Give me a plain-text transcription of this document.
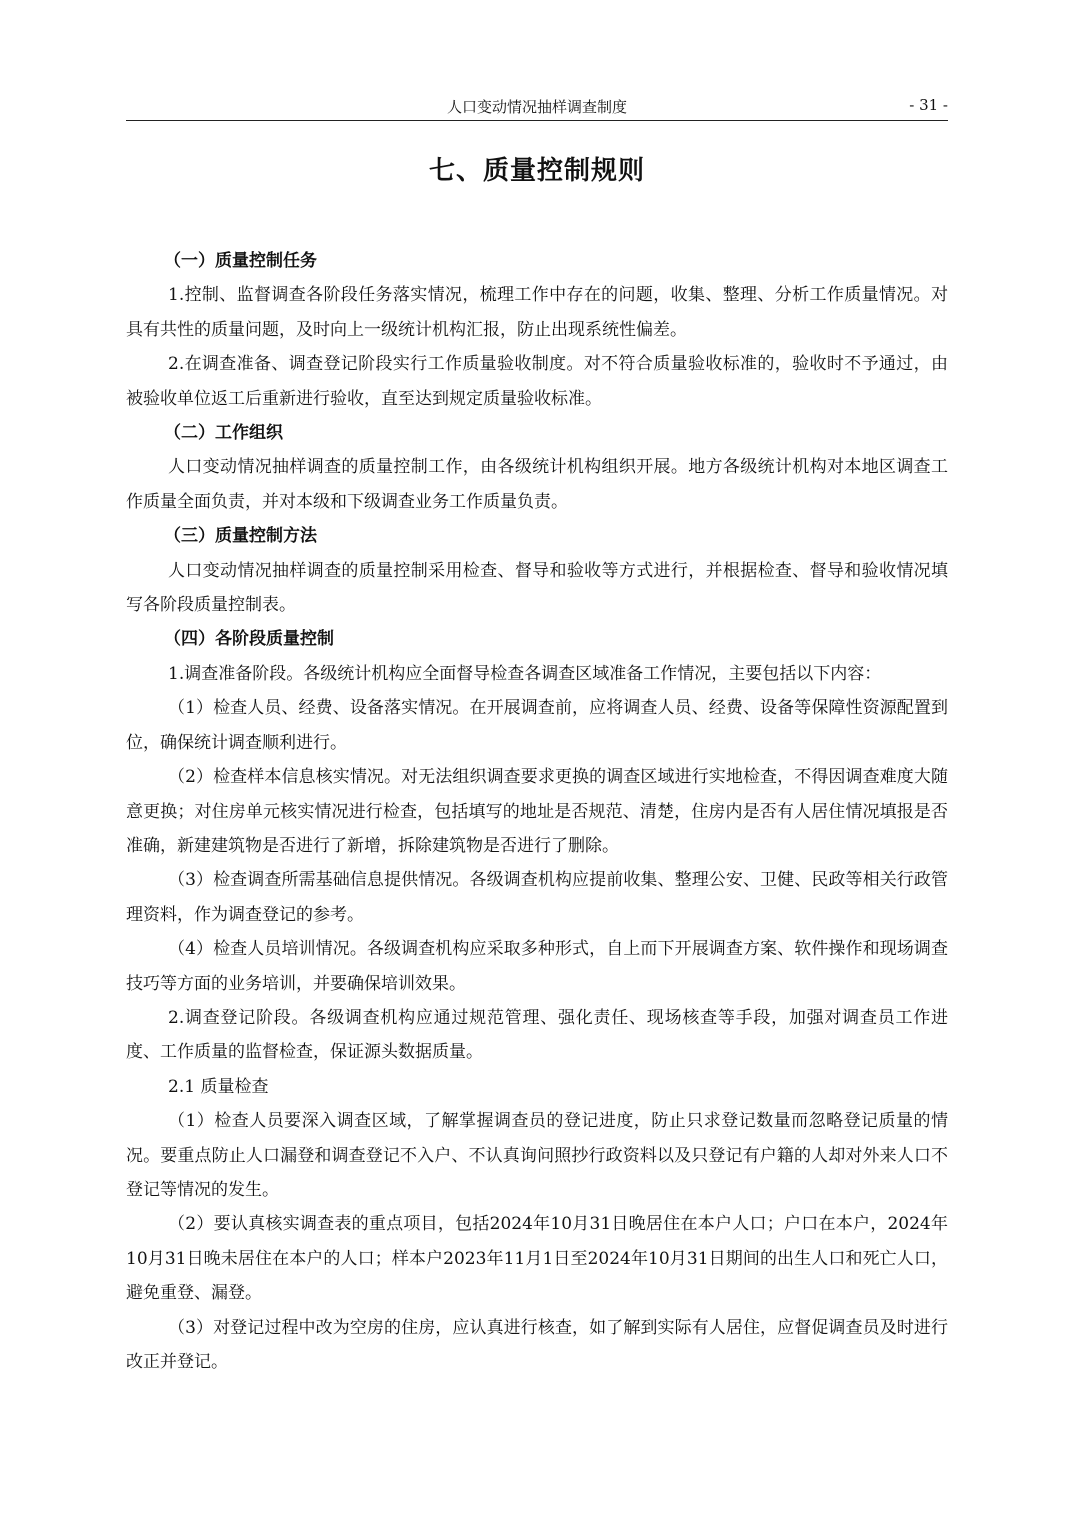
人口变动情况抽样调查制度	- 31 -
七、质量控制规则

（一）质量控制任务

1.控制、监督调查各阶段任务落实情况，梳理工作中存在的问题，收集、整理、分析工作质量情况。对具有共性的质量问题，及时向上一级统计机构汇报，防止出现系统性偏差。

2.在调查准备、调查登记阶段实行工作质量验收制度。对不符合质量验收标准的，验收时不予通过，由被验收单位返工后重新进行验收，直至达到规定质量验收标准。

（二）工作组织

人口变动情况抽样调查的质量控制工作，由各级统计机构组织开展。地方各级统计机构对本地区调查工作质量全面负责，并对本级和下级调查业务工作质量负责。

（三）质量控制方法

人口变动情况抽样调查的质量控制采用检查、督导和验收等方式进行，并根据检查、督导和验收情况填写各阶段质量控制表。

（四）各阶段质量控制

1.调查准备阶段。各级统计机构应全面督导检查各调查区域准备工作情况，主要包括以下内容：

（1）检查人员、经费、设备落实情况。在开展调查前，应将调查人员、经费、设备等保障性资源配置到位，确保统计调查顺利进行。

（2）检查样本信息核实情况。对无法组织调查要求更换的调查区域进行实地检查，不得因调查难度大随意更换；对住房单元核实情况进行检查，包括填写的地址是否规范、清楚，住房内是否有人居住情况填报是否准确，新建建筑物是否进行了新增，拆除建筑物是否进行了删除。

（3）检查调查所需基础信息提供情况。各级调查机构应提前收集、整理公安、卫健、民政等相关行政管理资料，作为调查登记的参考。

（4）检查人员培训情况。各级调查机构应采取多种形式，自上而下开展调查方案、软件操作和现场调查技巧等方面的业务培训，并要确保培训效果。

2.调查登记阶段。各级调查机构应通过规范管理、强化责任、现场核查等手段，加强对调查员工作进度、工作质量的监督检查，保证源头数据质量。

2.1 质量检查

（1）检查人员要深入调查区域，了解掌握调查员的登记进度，防止只求登记数量而忽略登记质量的情况。要重点防止人口漏登和调查登记不入户、不认真询问照抄行政资料以及只登记有户籍的人却对外来人口不登记等情况的发生。

（2）要认真核实调查表的重点项目，包括2024年10月31日晚居住在本户人口；户口在本户，2024年10月31日晚未居住在本户的人口；样本户2023年11月1日至2024年10月31日期间的出生人口和死亡人口，避免重登、漏登。

（3）对登记过程中改为空房的住房，应认真进行核查，如了解到实际有人居住，应督促调查员及时进行改正并登记。
